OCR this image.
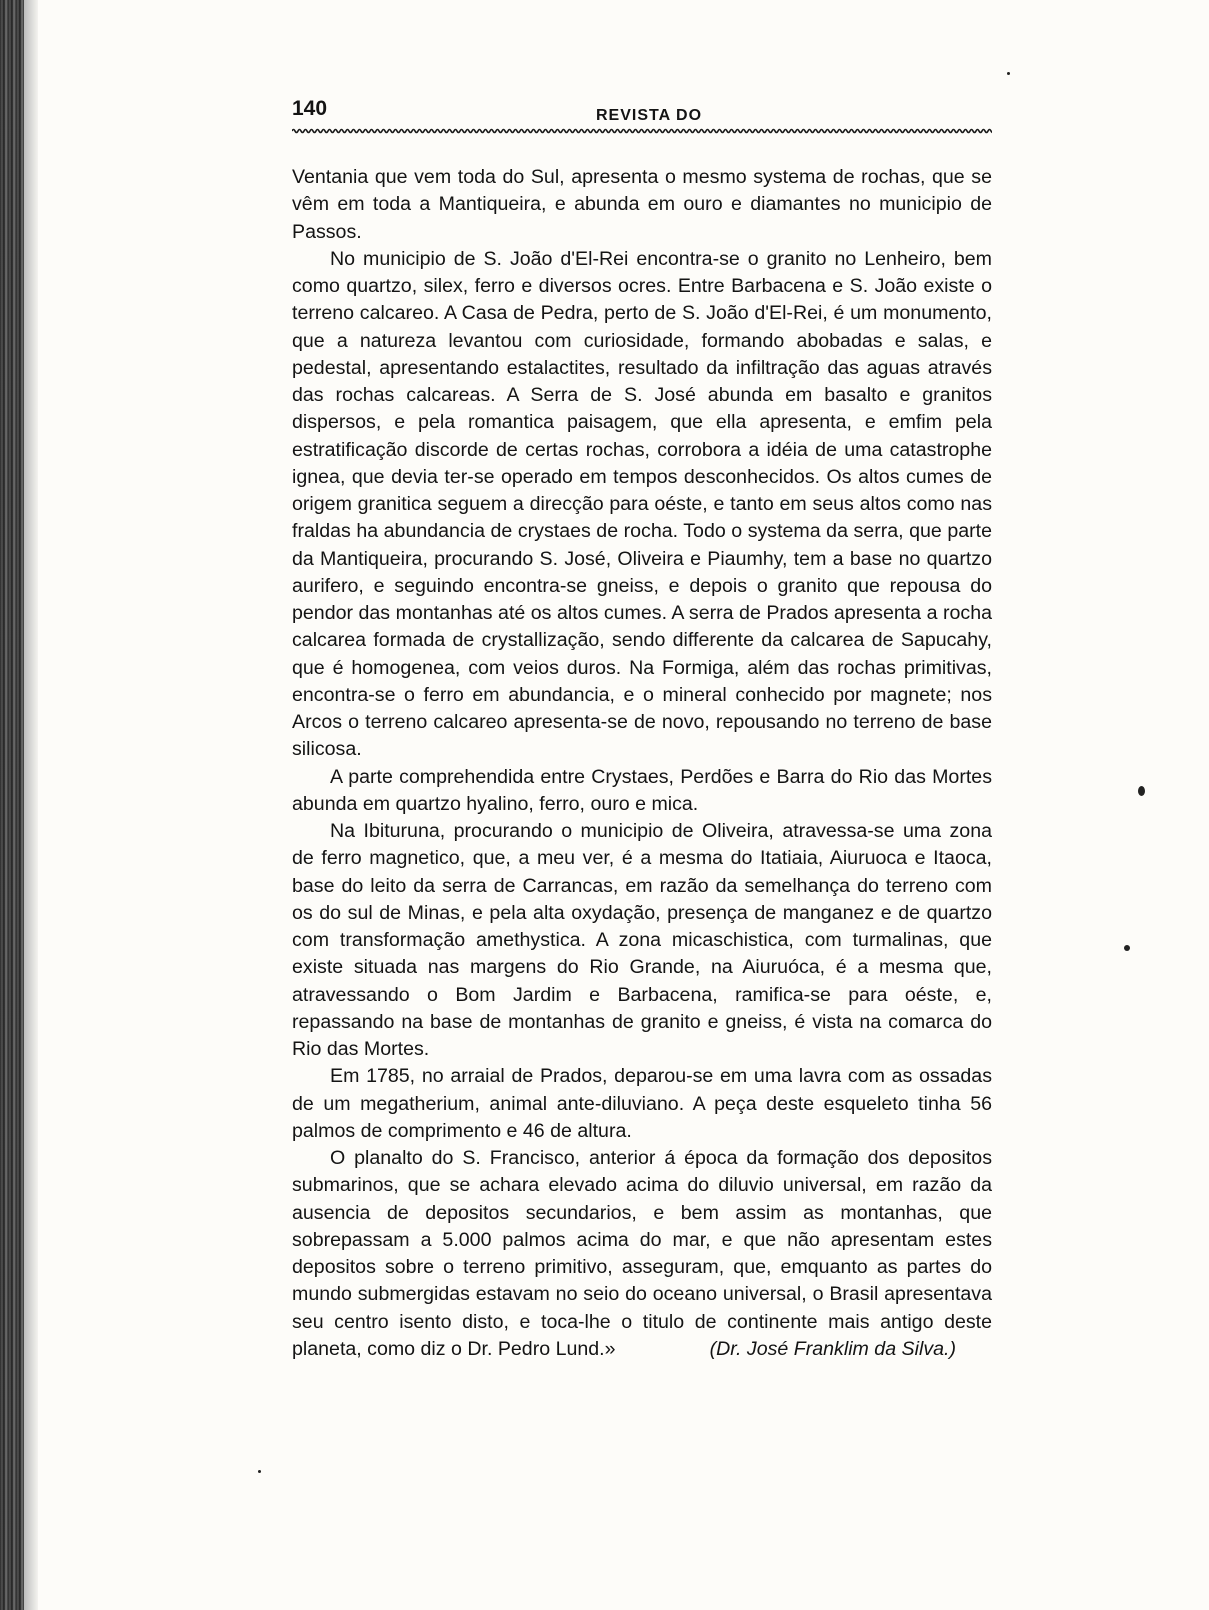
140	REVISTA DO

Ventania que vem toda do Sul, apresenta o mesmo systema de rochas, que se vêm em toda a Mantiqueira, e abunda em ouro e diamantes no municipio de Passos.

No municipio de S. João d'El-Rei encontra-se o granito no Lenheiro, bem como quartzo, silex, ferro e diversos ocres. Entre Barbacena e S. João existe o terreno calcareo. A Casa de Pedra, perto de S. João d'El-Rei, é um monumento, que a natureza levantou com curiosidade, formando abobadas e salas, e pedestal, apresentando estalactites, resultado da infiltração das aguas através das rochas calcareas. A Serra de S. José abunda em basalto e granitos dispersos, e pela romantica paisagem, que ella apresenta, e emfim pela estratificação discorde de certas rochas, corrobora a idéia de uma catastrophe ignea, que devia ter-se operado em tempos desconhecidos. Os altos cumes de origem granitica seguem a direcção para oéste, e tanto em seus altos como nas fraldas ha abundancia de crystaes de rocha. Todo o systema da serra, que parte da Mantiqueira, procurando S. José, Oliveira e Piaumhy, tem a base no quartzo aurifero, e seguindo encontra-se gneiss, e depois o granito que repousa do pendor das montanhas até os altos cumes. A serra de Prados apresenta a rocha calcarea formada de crystallização, sendo differente da calcarea de Sapucahy, que é homogenea, com veios duros. Na Formiga, além das rochas primitivas, encontra-se o ferro em abundancia, e o mineral conhecido por magnete; nos Arcos o terreno calcareo apresenta-se de novo, repousando no terreno de base silicosa.

A parte comprehendida entre Crystaes, Perdões e Barra do Rio das Mortes abunda em quartzo hyalino, ferro, ouro e mica.

Na Ibituruna, procurando o municipio de Oliveira, atravessa-se uma zona de ferro magnetico, que, a meu ver, é a mesma do Itatiaia, Aiuruoca e Itaoca, base do leito da serra de Carrancas, em razão da semelhança do terreno com os do sul de Minas, e pela alta oxydação, presença de manganez e de quartzo com transformação amethystica. A zona micaschistica, com turmalinas, que existe situada nas margens do Rio Grande, na Aiuruóca, é a mesma que, atravessando o Bom Jardim e Barbacena, ramifica-se para oéste, e, repassando na base de montanhas de granito e gneiss, é vista na comarca do Rio das Mortes.

Em 1785, no arraial de Prados, deparou-se em uma lavra com as ossadas de um megatherium, animal ante-diluviano. A peça deste esqueleto tinha 56 palmos de comprimento e 46 de altura.

O planalto do S. Francisco, anterior á época da formação dos depositos submarinos, que se achara elevado acima do diluvio universal, em razão da ausencia de depositos secundarios, e bem assim as montanhas, que sobrepassam a 5.000 palmos acima do mar, e que não apresentam estes depositos sobre o terreno primitivo, asseguram, que, emquanto as partes do mundo submergidas estavam no seio do oceano universal, o Brasil apresentava seu centro isento disto, e toca-lhe o titulo de continente mais antigo deste planeta, como diz o Dr. Pedro Lund.»	(Dr. José Franklim da Silva.)
